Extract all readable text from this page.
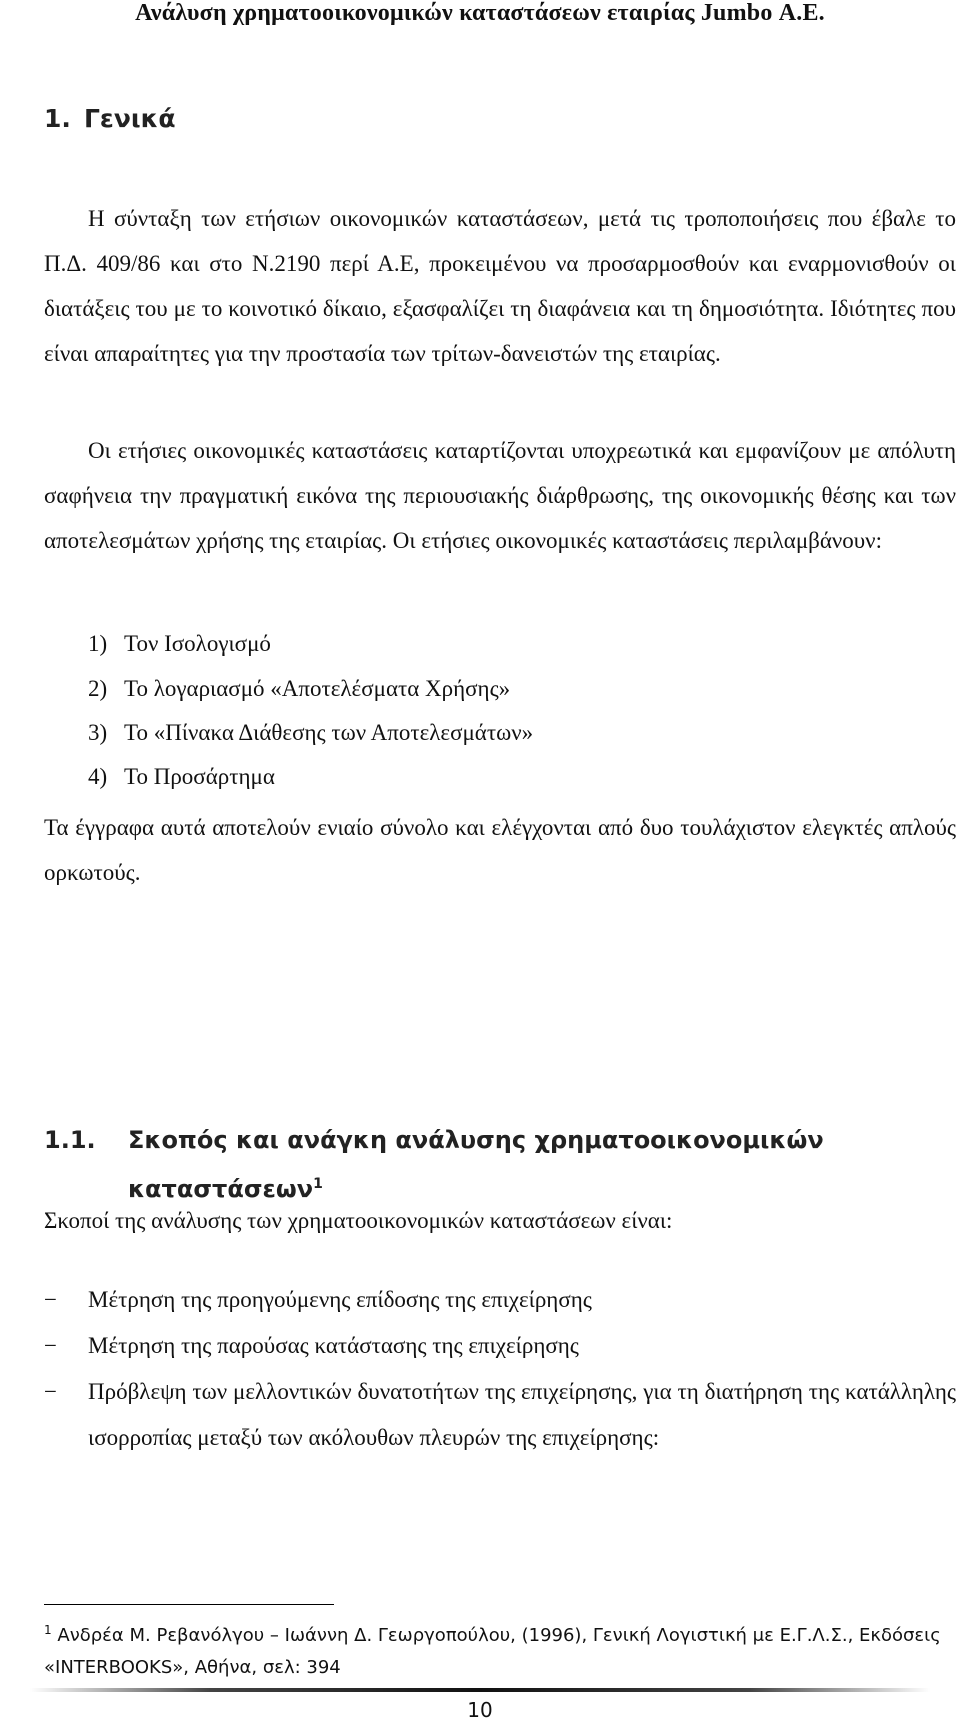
Ανάλυση χρηματοοικονομικών καταστάσεων εταιρίας Jumbo Α.Ε.
1. Γενικά
Η σύνταξη των ετήσιων οικονομικών καταστάσεων, μετά τις τροποποιήσεις που έβαλε το Π.Δ. 409/86 και στο Ν.2190 περί Α.Ε, προκειμένου να προσαρμοσθούν και εναρμονισθούν οι διατάξεις του με το κοινοτικό δίκαιο, εξασφαλίζει τη διαφάνεια και τη δημοσιότητα. Ιδιότητες που είναι απαραίτητες για την προστασία των τρίτων-δανειστών της εταιρίας.
Οι ετήσιες οικονομικές καταστάσεις καταρτίζονται υποχρεωτικά και εμφανίζουν με απόλυτη σαφήνεια την πραγματική εικόνα της περιουσιακής διάρθρωσης, της οικονομικής θέσης και των αποτελεσμάτων χρήσης της εταιρίας. Οι ετήσιες οικονομικές καταστάσεις περιλαμβάνουν:
1) Τον Ισολογισμό
2) Το λογαριασμό «Αποτελέσματα Χρήσης»
3) Το «Πίνακα Διάθεσης των Αποτελεσμάτων»
4) Το Προσάρτημα
Τα έγγραφα αυτά αποτελούν ενιαίο σύνολο και ελέγχονται από δυο τουλάχιστον ελεγκτές απλούς ορκωτούς.
1.1. Σκοπός και ανάγκη ανάλυσης χρηματοοικονομικών
καταστάσεων$^1$
Σκοποί της ανάλυσης των χρηματοοικονομικών καταστάσεων είναι:
−	Μέτρηση της προηγούμενης επίδοσης της επιχείρησης
−	Μέτρηση της παρούσας κατάστασης της επιχείρησης
−	Πρόβλεψη των μελλοντικών δυνατοτήτων της επιχείρησης, για τη διατήρηση της κατάλληλης ισορροπίας μεταξύ των ακόλουθων πλευρών της επιχείρησης:
$^1$ Ανδρέα Μ. Ρεβανόλγου – Ιωάννη Δ. Γεωργοπούλου, (1996), Γενική Λογιστική με Ε.Γ.Λ.Σ., Εκδόσεις «INTERBOOKS», Αθήνα, σελ: 394
10
